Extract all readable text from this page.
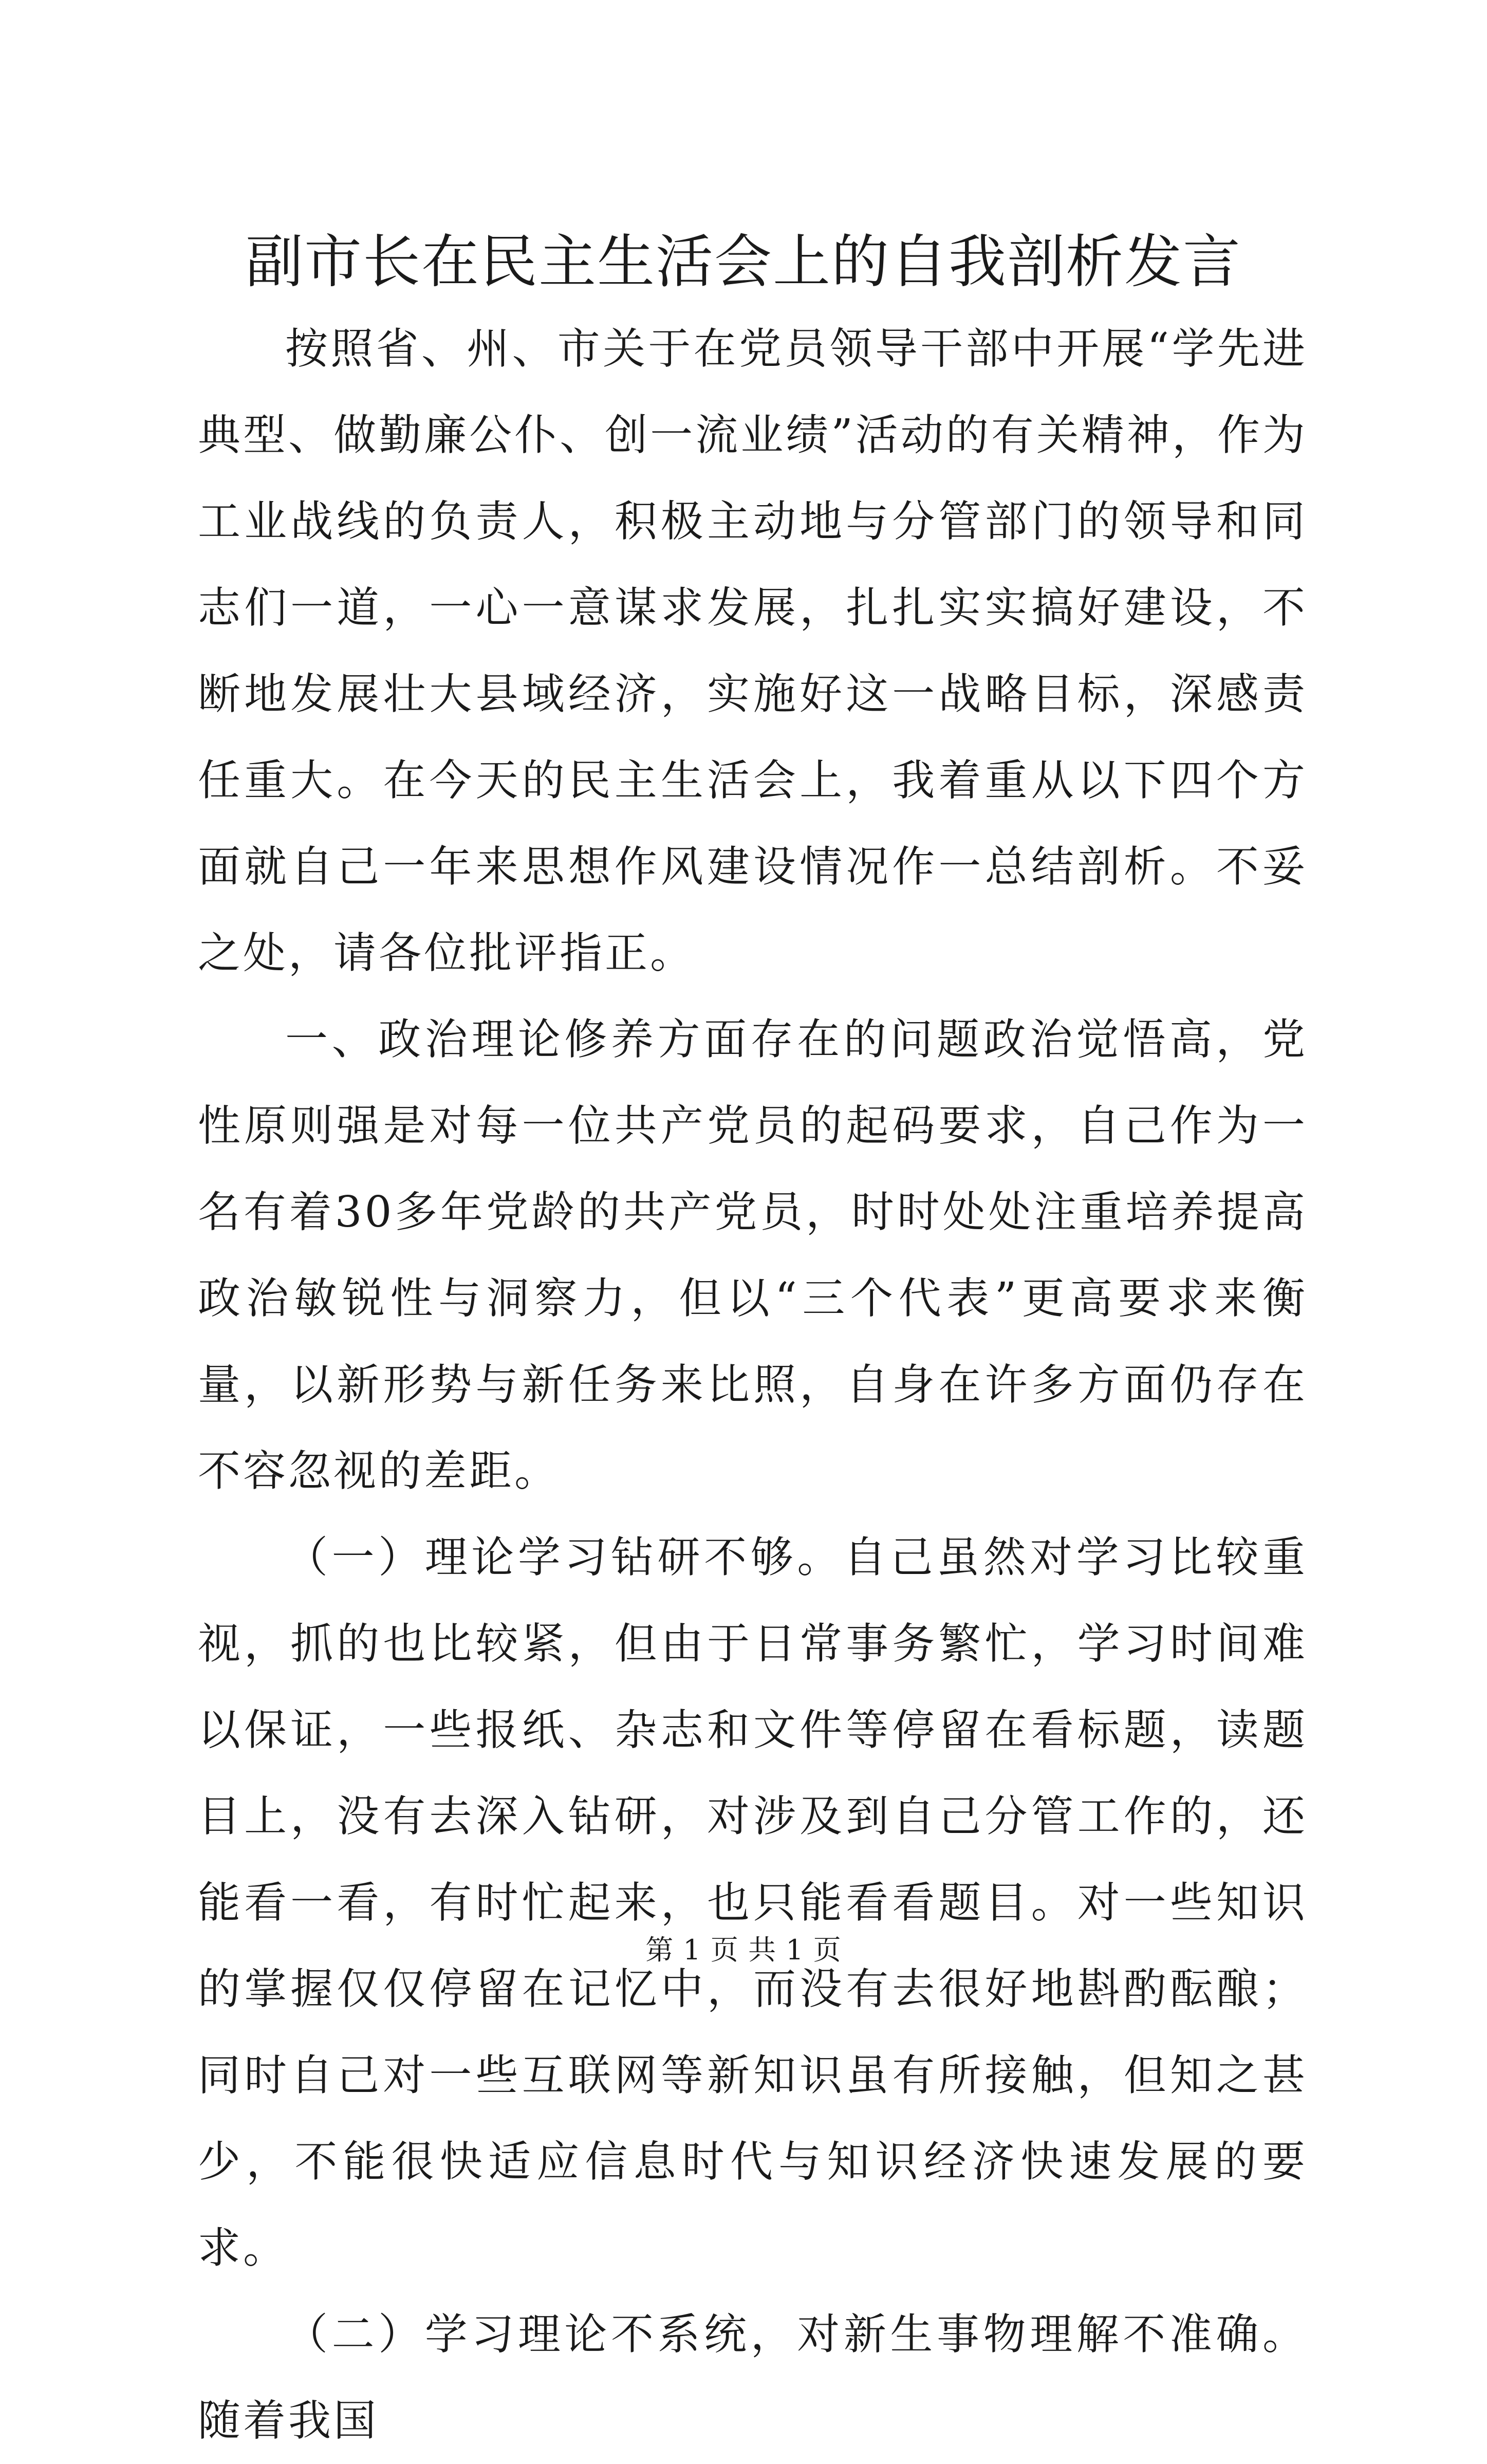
副市长在民主生活会上的自我剖析发言

按照省、州、市关于在党员领导干部中开展“学先进典型、做勤廉公仆、创一流业绩”活动的有关精神，作为工业战线的负责人，积极主动地与分管部门的领导和同志们一道，一心一意谋求发展，扎扎实实搞好建设，不断地发展壮大县域经济，实施好这一战略目标，深感责任重大。在今天的民主生活会上，我着重从以下四个方面就自己一年来思想作风建设情况作一总结剖析。不妥之处，请各位批评指正。

一、政治理论修养方面存在的问题政治觉悟高，党性原则强是对每一位共产党员的起码要求，自己作为一名有着30多年党龄的共产党员，时时处处注重培养提高政治敏锐性与洞察力，但以“三个代表”更高要求来衡量，以新形势与新任务来比照，自身在许多方面仍存在不容忽视的差距。

（一）理论学习钻研不够。自己虽然对学习比较重视，抓的也比较紧，但由于日常事务繁忙，学习时间难以保证，一些报纸、杂志和文件等停留在看标题，读题目上，没有去深入钻研，对涉及到自己分管工作的，还能看一看，有时忙起来，也只能看看题目。对一些知识的掌握仅仅停留在记忆中，而没有去很好地斟酌酝酿；同时自己对一些互联网等新知识虽有所接触，但知之甚少，不能很快适应信息时代与知识经济快速发展的要求。

（二）学习理论不系统，对新生事物理解不准确。随着我国

第 1 页 共 1 页
